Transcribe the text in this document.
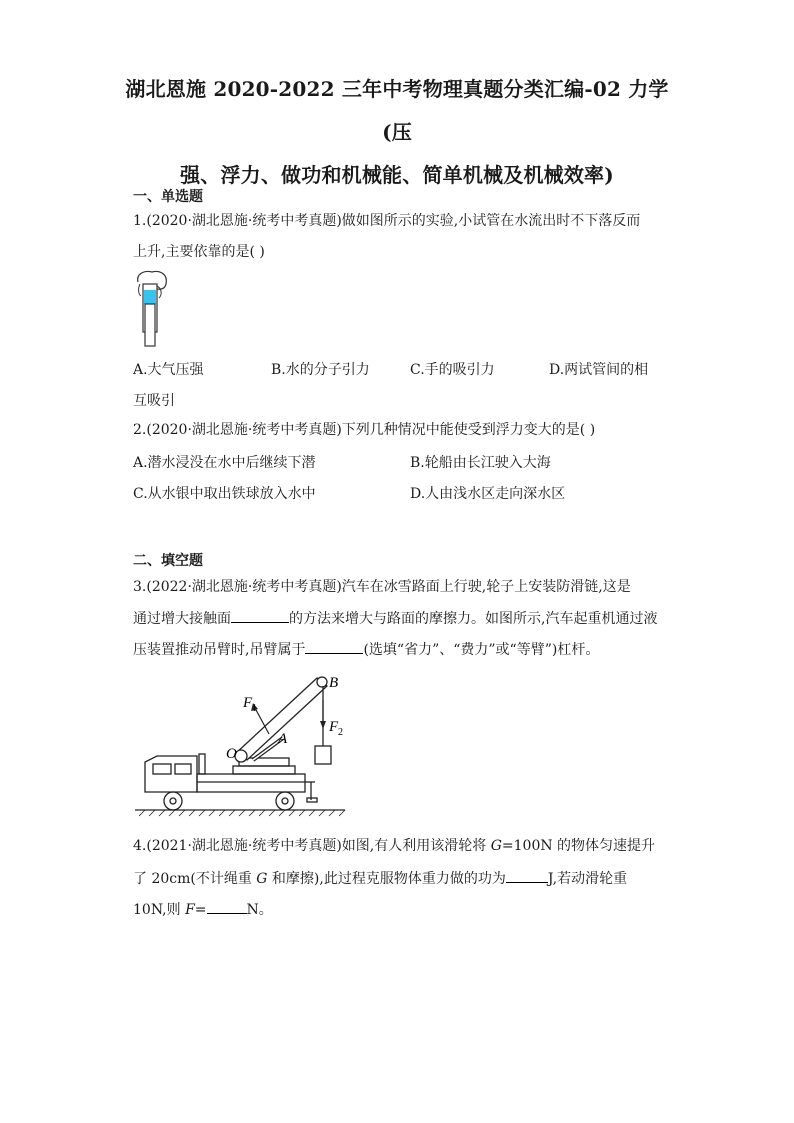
湖北恩施 2020-2022 三年中考物理真题分类汇编-02 力学(压
强、浮力、做功和机械能、简单机械及机械效率)
一、单选题
1.(2020·湖北恩施·统考中考真题)做如图所示的实验,小试管在水流出时不下落反而
上升,主要依靠的是( )
A.大气压强	B.水的分子引力	C.手的吸引力	D.两试管间的相
互吸引
2.(2020·湖北恩施·统考中考真题)下列几种情况中能使受到浮力变大的是( )
A.潜水浸没在水中后继续下潜	B.轮船由长江驶入大海
C.从水银中取出铁球放入水中	D.人由浅水区走向深水区
二、填空题
3.(2022·湖北恩施·统考中考真题)汽车在冰雪路面上行驶,轮子上安装防滑链,这是
通过增大接触面	的方法来增大与路面的摩擦力。如图所示,汽车起重机通过液
压装置推动吊臂时,吊臂属于	(选填“省力”、“费力”或“等臂”)杠杆。
B
F 1
F 2
O
A
4.(2021·湖北恩施·统考中考真题)如图,有人利用该滑轮将 G=100N 的物体匀速提升
了 20cm(不计绳重 G 和摩擦),此过程克服物体重力做的功为	J,若动滑轮重
10N,则 F=	N。
